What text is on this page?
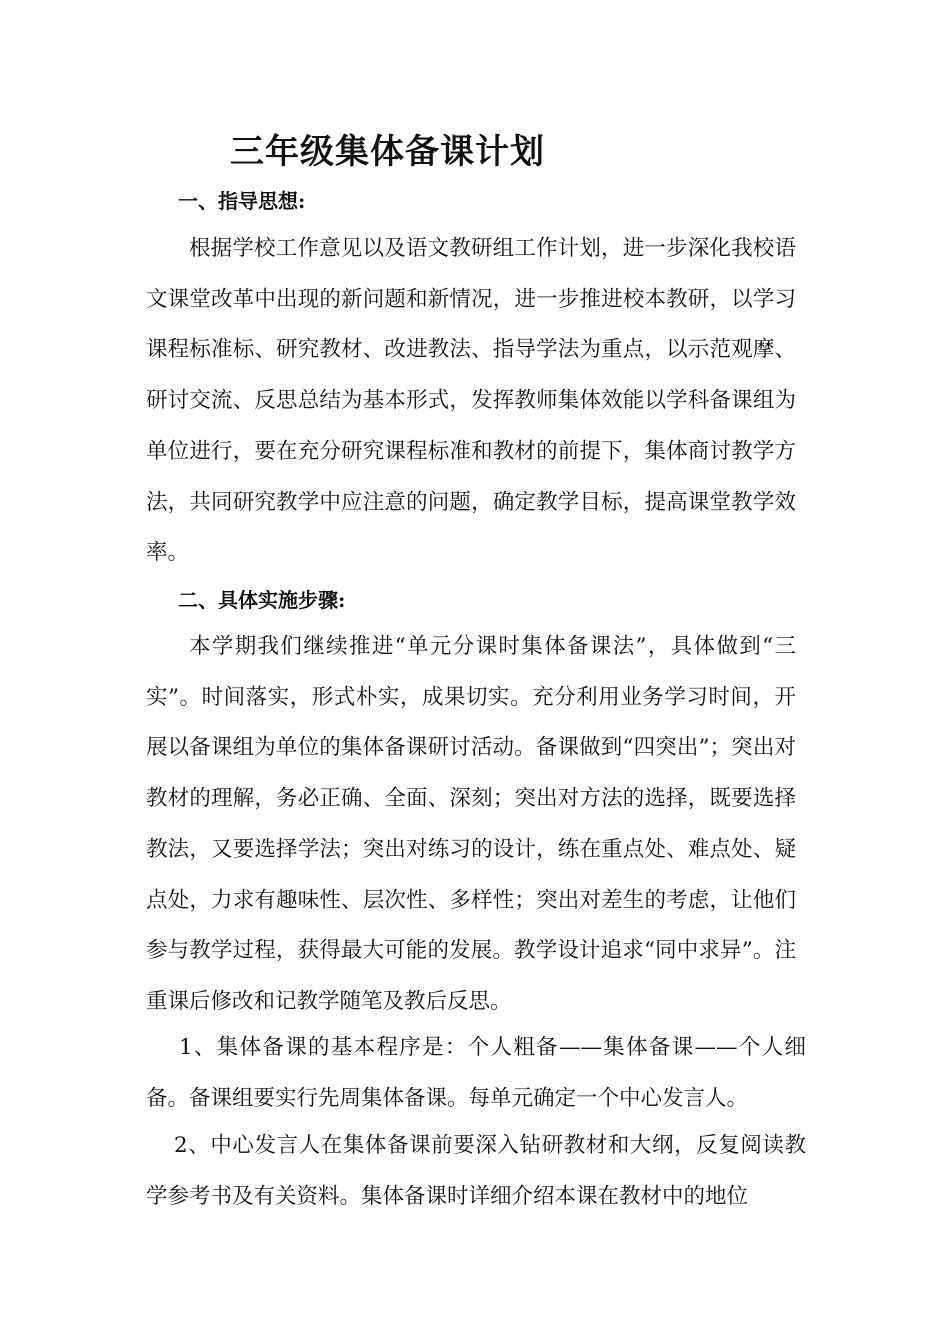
三年级集体备课计划
一、指导思想:
根据学校工作意见以及语文教研组工作计划，进一步深化我校语文课堂改革中出现的新问题和新情况，进一步推进校本教研，以学习课程标准标、研究教材、改进教法、指导学法为重点，以示范观摩、研讨交流、反思总结为基本形式，发挥教师集体效能以学科备课组为单位进行，要在充分研究课程标准和教材的前提下，集体商讨教学方法，共同研究教学中应注意的问题，确定教学目标，提高课堂教学效率。
二、具体实施步骤:
本学期我们继续推进“单元分课时集体备课法”，具体做到“三实”。时间落实，形式朴实，成果切实。充分利用业务学习时间，开展以备课组为单位的集体备课研讨活动。备课做到“四突出”；突出对教材的理解，务必正确、全面、深刻；突出对方法的选择，既要选择教法，又要选择学法；突出对练习的设计，练在重点处、难点处、疑点处，力求有趣味性、层次性、多样性；突出对差生的考虑，让他们参与教学过程，获得最大可能的发展。教学设计追求“同中求异”。注重课后修改和记教学随笔及教后反思。
1、集体备课的基本程序是：个人粗备——集体备课——个人细备。备课组要实行先周集体备课。每单元确定一个中心发言人。
2、中心发言人在集体备课前要深入钻研教材和大纲，反复阅读教学参考书及有关资料。集体备课时详细介绍本课在教材中的地位
